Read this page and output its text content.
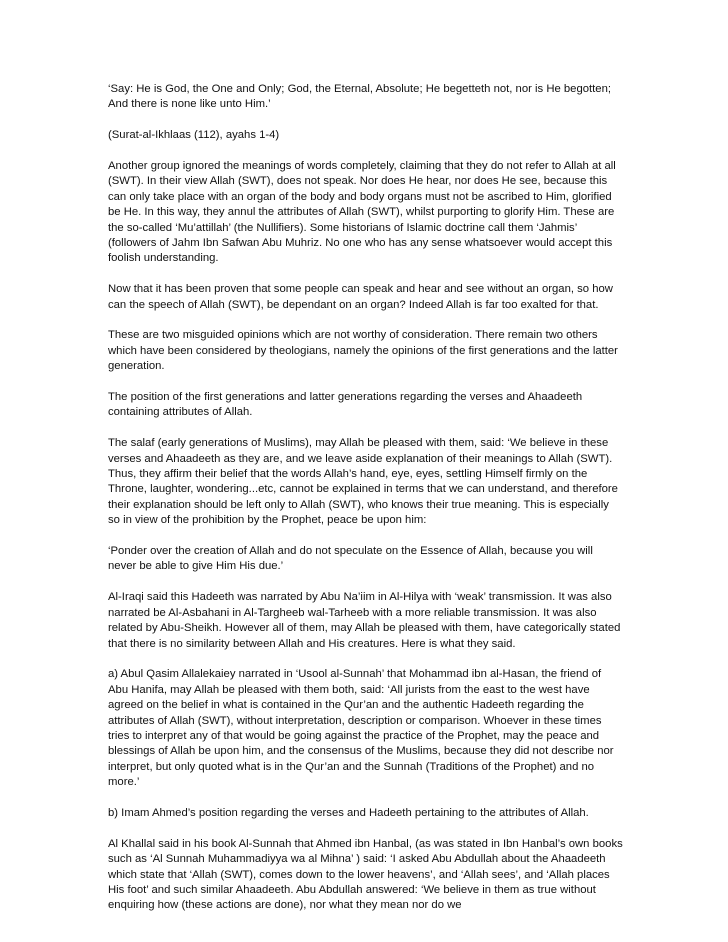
‘Say: He is God, the One and Only; God, the Eternal, Absolute; He begetteth not, nor is He begotten; And there is none like unto Him.’

(Surat-al-Ikhlaas (112), ayahs 1-4)

Another group ignored the meanings of words completely, claiming that they do not refer to Allah at all (SWT). In their view Allah (SWT), does not speak. Nor does He hear, nor does He see, because this can only take place with an organ of the body and body organs must not be ascribed to Him, glorified be He. In this way, they annul the attributes of Allah (SWT), whilst purporting to glorify Him. These are the so-called ‘Mu’attillah’ (the Nullifiers). Some historians of Islamic doctrine call them ‘Jahmis’ (followers of Jahm Ibn Safwan Abu Muhriz. No one who has any sense whatsoever would accept this foolish understanding.

Now that it has been proven that some people can speak and hear and see without an organ, so how can the speech of Allah (SWT), be dependant on an organ? Indeed Allah is far too exalted for that.

These are two misguided opinions which are not worthy of consideration. There remain two others which have been considered by theologians, namely the opinions of the first generations and the latter generation.

The position of the first generations and latter generations regarding the verses and Ahaadeeth containing attributes of Allah.

The salaf (early generations of Muslims), may Allah be pleased with them, said: ‘We believe in these verses and Ahaadeeth as they are, and we leave aside explanation of their meanings to Allah (SWT). Thus, they affirm their belief that the words Allah’s hand, eye, eyes, settling Himself firmly on the Throne, laughter, wondering...etc, cannot be explained in terms that we can understand, and therefore their explanation should be left only to Allah (SWT), who knows their true meaning. This is especially so in view of the prohibition by the Prophet, peace be upon him:

‘Ponder over the creation of Allah and do not speculate on the Essence of Allah, because you will never be able to give Him His due.’

Al-Iraqi said this Hadeeth was narrated by Abu Na’iim in Al-Hilya with ‘weak’ transmission. It was also narrated be Al-Asbahani in Al-Targheeb wal-Tarheeb with a more reliable transmission. It was also related by Abu-Sheikh. However all of them, may Allah be pleased with them, have categorically stated that there is no similarity between Allah and His creatures. Here is what they said.

a) Abul Qasim Allalekaiey narrated in ‘Usool al-Sunnah’ that Mohammad ibn al-Hasan, the friend of Abu Hanifa, may Allah be pleased with them both, said: ‘All jurists from the east to the west have agreed on the belief in what is contained in the Qur’an and the authentic Hadeeth regarding the attributes of Allah (SWT), without interpretation, description or comparison. Whoever in these times tries to interpret any of that would be going against the practice of the Prophet, may the peace and blessings of Allah be upon him, and the consensus of the Muslims, because they did not describe nor interpret, but only quoted what is in the Qur’an and the Sunnah (Traditions of the Prophet) and no more.’

b) Imam Ahmed’s position regarding the verses and Hadeeth pertaining to the attributes of Allah.

Al Khallal said in his book Al-Sunnah that Ahmed ibn Hanbal, (as was stated in Ibn Hanbal’s own books such as ‘Al Sunnah Muhammadiyya wa al Mihna’ ) said: ‘I asked Abu Abdullah about the Ahaadeeth which state that ‘Allah (SWT), comes down to the lower heavens’, and ‘Allah sees’, and ‘Allah places His foot’ and such similar Ahaadeeth. Abu Abdullah answered: ‘We believe in them as true without enquiring how (these actions are done), nor what they mean nor do we
